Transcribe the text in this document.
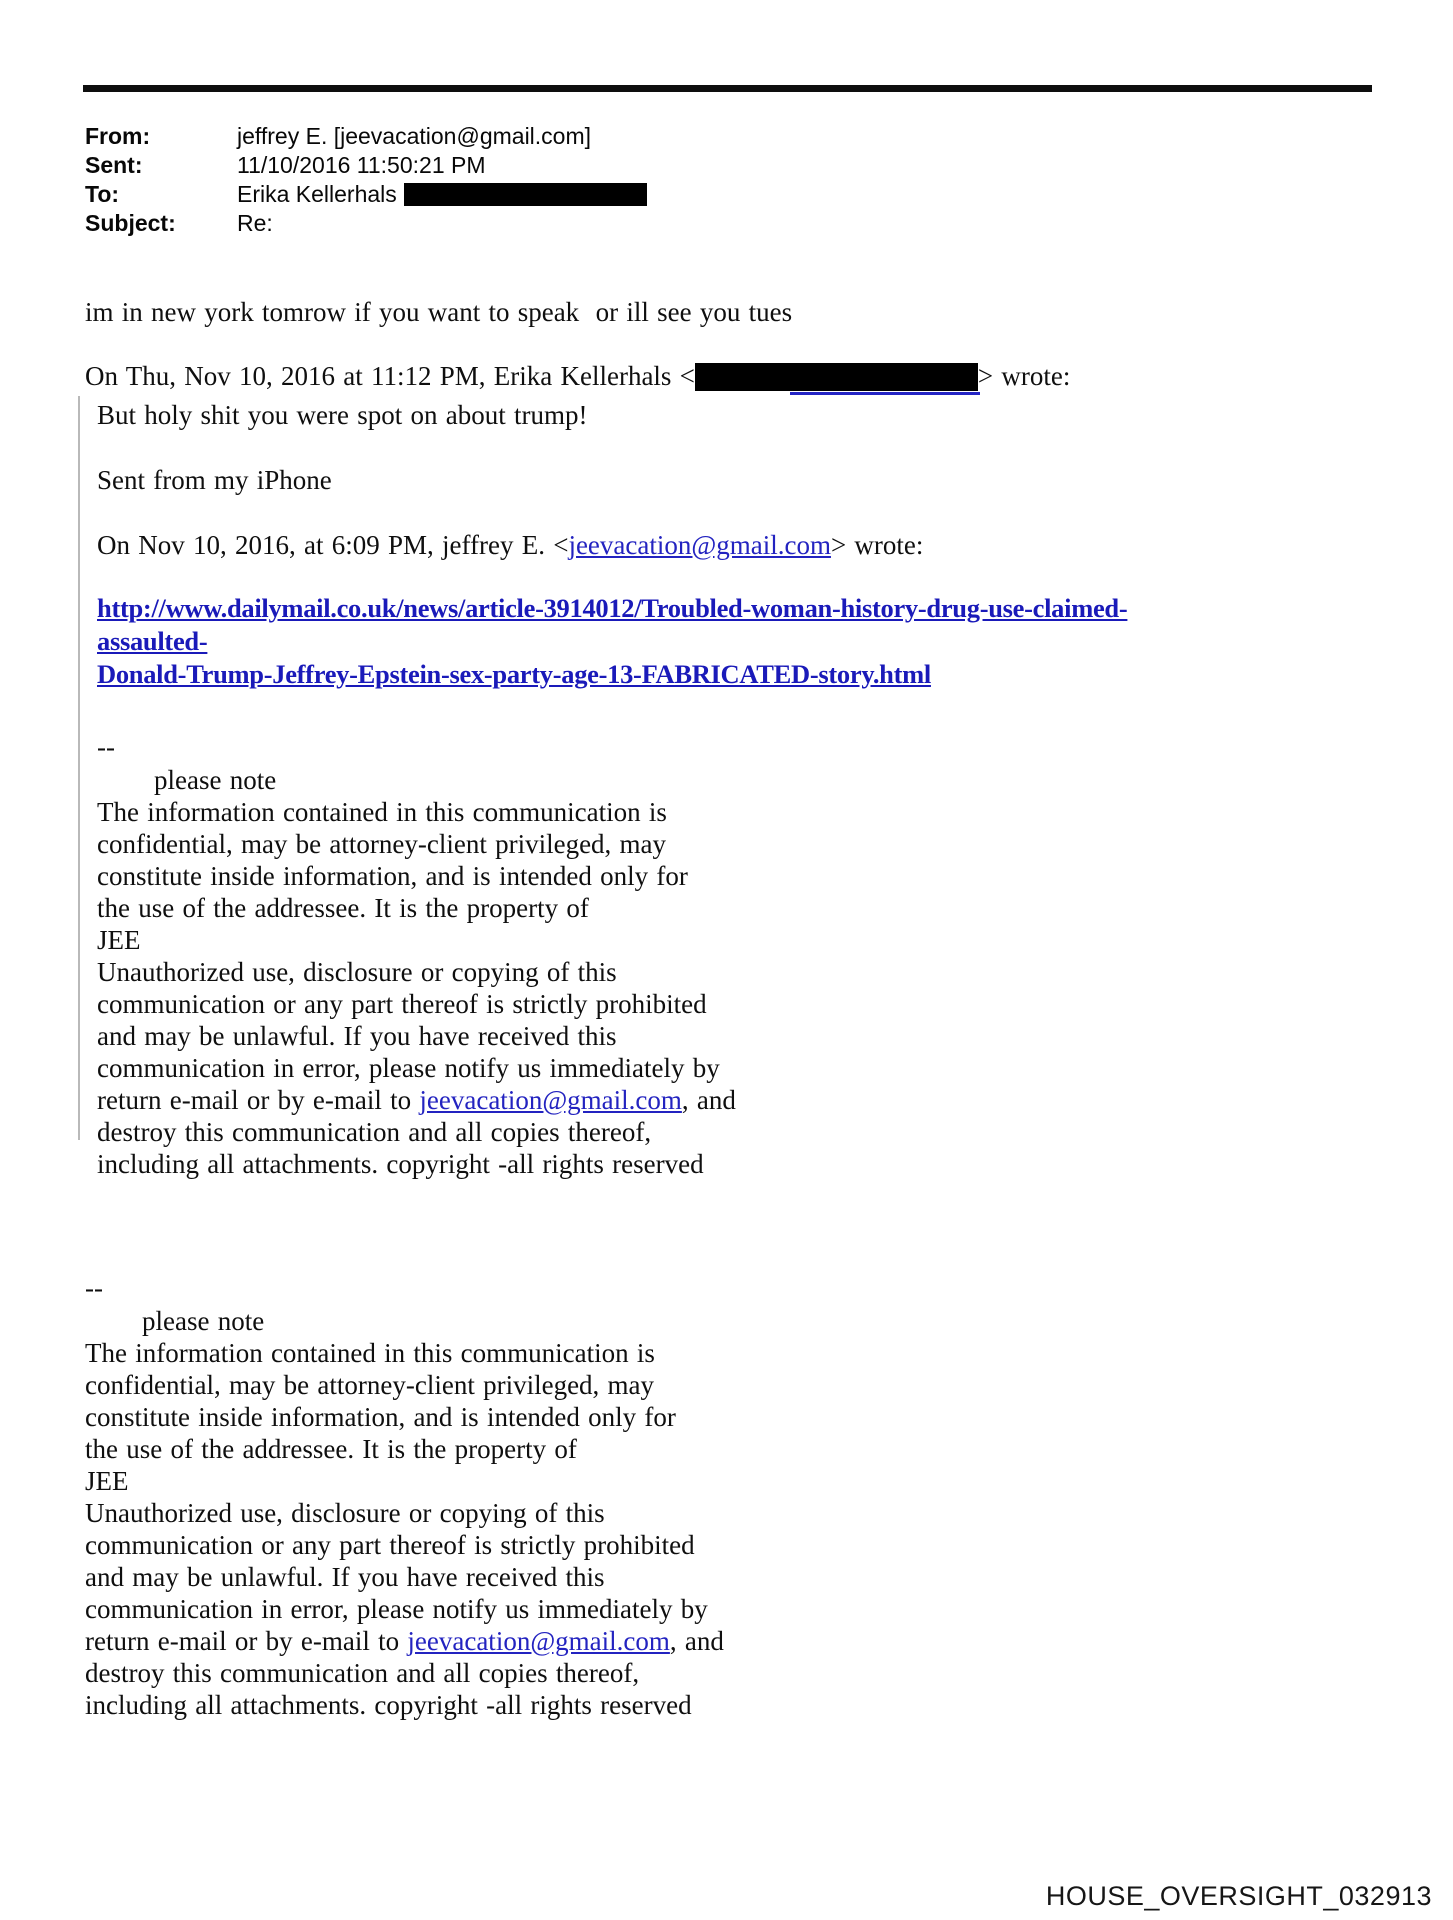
From:	jeffrey E. [jeevacation@gmail.com]
Sent:	11/10/2016 11:50:21 PM
To:	Erika Kellerhals
Subject:	Re:
im in new york tomrow if you want to speak  or ill see you tues
On Thu, Nov 10, 2016 at 11:12 PM, Erika Kellerhals <	> wrote:
But holy shit you were spot on about trump!
Sent from my iPhone
On Nov 10, 2016, at 6:09 PM, jeffrey E. <jeevacation@gmail.com> wrote:
http://www.dailymail.co.uk/news/article-3914012/Troubled-woman-history-drug-use-claimed-assaulted-
Donald-Trump-Jeffrey-Epstein-sex-party-age-13-FABRICATED-story.html
--
please note
The information contained in this communication is
confidential, may be attorney-client privileged, may
constitute inside information, and is intended only for
the use of the addressee. It is the property of
JEE
Unauthorized use, disclosure or copying of this
communication or any part thereof is strictly prohibited
and may be unlawful. If you have received this
communication in error, please notify us immediately by
return e-mail or by e-mail to jeevacation@gmail.com, and
destroy this communication and all copies thereof,
including all attachments. copyright -all rights reserved
--
please note
The information contained in this communication is
confidential, may be attorney-client privileged, may
constitute inside information, and is intended only for
the use of the addressee. It is the property of
JEE
Unauthorized use, disclosure or copying of this
communication or any part thereof is strictly prohibited
and may be unlawful. If you have received this
communication in error, please notify us immediately by
return e-mail or by e-mail to jeevacation@gmail.com, and
destroy this communication and all copies thereof,
including all attachments. copyright -all rights reserved
HOUSE_OVERSIGHT_032913
